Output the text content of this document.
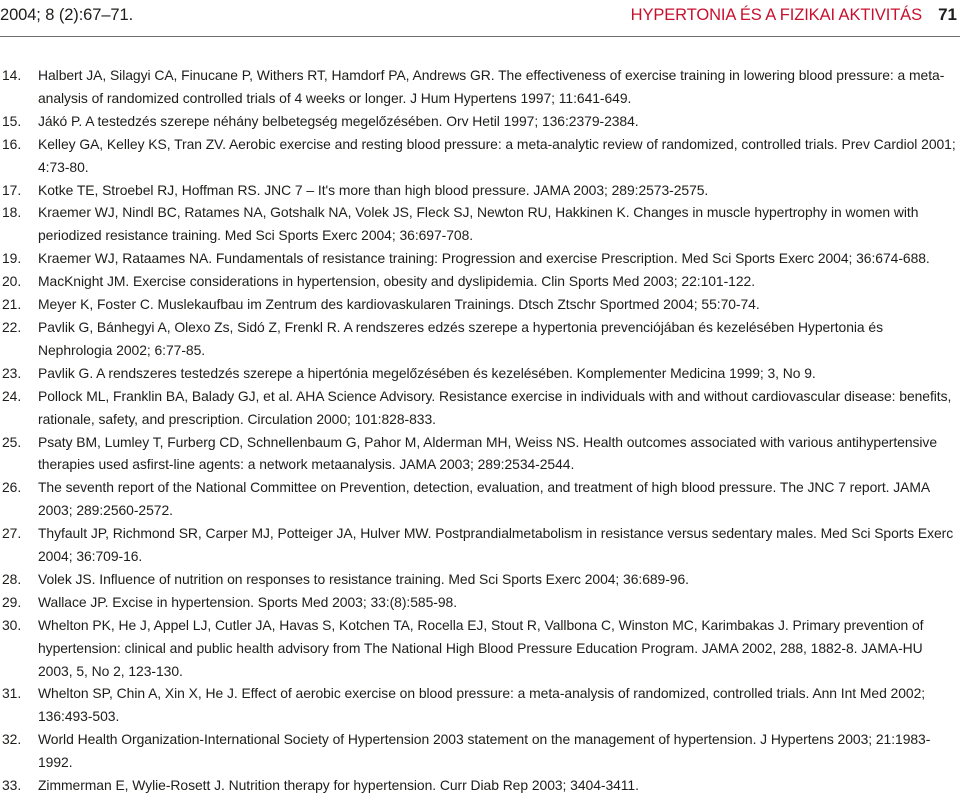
2004; 8 (2):67–71.	HYPERTONIA ÉS A FIZIKAI AKTIVITÁS 71
14. Halbert JA, Silagyi CA, Finucane P, Withers RT, Hamdorf PA, Andrews GR. The effectiveness of exercise training in lowering blood pressure: a meta-analysis of randomized controlled trials of 4 weeks or longer. J Hum Hypertens 1997; 11:641-649.
15. Jákó P. A testedzés szerepe néhány belbetegség megelőzésében. Orv Hetil 1997; 136:2379-2384.
16. Kelley GA, Kelley KS, Tran ZV. Aerobic exercise and resting blood pressure: a meta-analytic review of randomized, controlled trials. Prev Cardiol 2001; 4:73-80.
17. Kotke TE, Stroebel RJ, Hoffman RS. JNC 7 – It's more than high blood pressure. JAMA 2003; 289:2573-2575.
18. Kraemer WJ, Nindl BC, Ratames NA, Gotshalk NA, Volek JS, Fleck SJ, Newton RU, Hakkinen K. Changes in muscle hypertrophy in women with periodized resistance training. Med Sci Sports Exerc 2004; 36:697-708.
19. Kraemer WJ, Rataames NA. Fundamentals of resistance training: Progression and exercise Prescription. Med Sci Sports Exerc 2004; 36:674-688.
20. MacKnight JM. Exercise considerations in hypertension, obesity and dyslipidemia. Clin Sports Med 2003; 22:101-122.
21. Meyer K, Foster C. Muslekaufbau im Zentrum des kardiovaskularen Trainings. Dtsch Ztschr Sportmed 2004; 55:70-74.
22. Pavlik G, Bánhegyi A, Olexo Zs, Sidó Z, Frenkl R. A rendszeres edzés szerepe a hypertonia prevenciójában és kezelésében Hypertonia és Nephrologia 2002; 6:77-85.
23. Pavlik G. A rendszeres testedzés szerepe a hipertónia megelőzésében és kezelésében. Komplementer Medicina 1999; 3, No 9.
24. Pollock ML, Franklin BA, Balady GJ, et al. AHA Science Advisory. Resistance exercise in individuals with and without cardiovascular disease: benefits, rationale, safety, and prescription. Circulation 2000; 101:828-833.
25. Psaty BM, Lumley T, Furberg CD, Schnellenbaum G, Pahor M, Alderman MH, Weiss NS. Health outcomes associated with various antihypertensive therapies used asfirst-line agents: a network metaanalysis. JAMA 2003; 289:2534-2544.
26. The seventh report of the National Committee on Prevention, detection, evaluation, and treatment of high blood pressure. The JNC 7 report. JAMA 2003; 289:2560-2572.
27. Thyfault JP, Richmond SR, Carper MJ, Potteiger JA, Hulver MW. Postprandialmetabolism in resistance versus sedentary males. Med Sci Sports Exerc 2004; 36:709-16.
28. Volek JS. Influence of nutrition on responses to resistance training. Med Sci Sports Exerc 2004; 36:689-96.
29. Wallace JP. Excise in hypertension. Sports Med 2003; 33:(8):585-98.
30. Whelton PK, He J, Appel LJ, Cutler JA, Havas S, Kotchen TA, Rocella EJ, Stout R, Vallbona C, Winston MC, Karimbakas J. Primary prevention of hypertension: clinical and public health advisory from The National High Blood Pressure Education Program. JAMA 2002, 288, 1882-8. JAMA-HU 2003, 5, No 2, 123-130.
31. Whelton SP, Chin A, Xin X, He J. Effect of aerobic exercise on blood pressure: a meta-analysis of randomized, controlled trials. Ann Int Med 2002; 136:493-503.
32. World Health Organization-International Society of Hypertension 2003 statement on the management of hypertension. J Hypertens 2003; 21:1983-1992.
33. Zimmerman E, Wylie-Rosett J. Nutrition therapy for hypertension. Curr Diab Rep 2003; 3404-3411.
